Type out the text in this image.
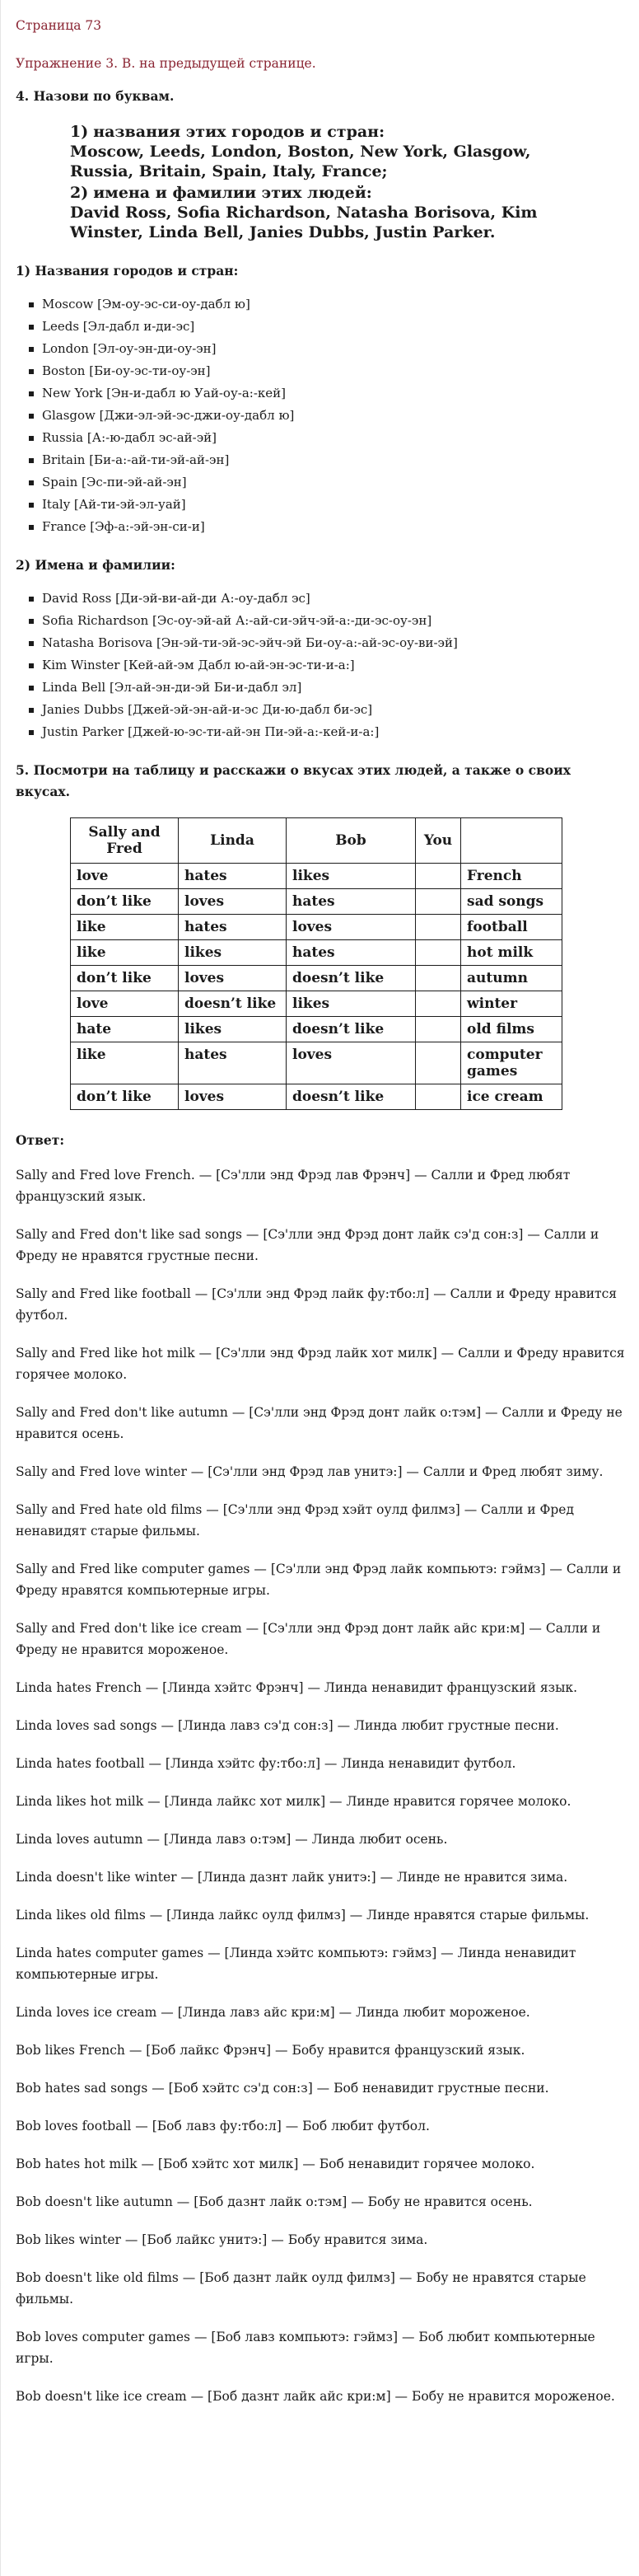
Страница 73

Упражнение 3. B. на предыдущей странице.

4. Назови по буквам.

1) названия этих городов и стран:

Moscow, Leeds, London, Boston, New York, Glasgow,

Russia, Britain, Spain, Italy, France;

2) имена и фамилии этих людей:

David Ross, Sofia Richardson, Natasha Borisova, Kim

Winster, Linda Bell, Janies Dubbs, Justin Parker.

1) Названия городов и стран:

Moscow [Эм-оу-эс-си-оу-дабл ю]
Leeds [Эл-дабл и-ди-эс]
London [Эл-оу-эн-ди-оу-эн]
Boston [Би-оу-эс-ти-оу-эн]
New York [Эн-и-дабл ю Уай-оу-а:-кей]
Glasgow [Джи-эл-эй-эс-джи-оу-дабл ю]
Russia [А:-ю-дабл эс-ай-эй]
Britain [Би-а:-ай-ти-эй-ай-эн]
Spain [Эс-пи-эй-ай-эн]
Italy [Ай-ти-эй-эл-уай]
France [Эф-а:-эй-эн-си-и]

2) Имена и фамилии:

David Ross [Ди-эй-ви-ай-ди А:-оу-дабл эс]
Sofia Richardson [Эс-оу-эй-ай А:-ай-си-эйч-эй-а:-ди-эс-оу-эн]
Natasha Borisova [Эн-эй-ти-эй-эс-эйч-эй Би-оу-а:-ай-эс-оу-ви-эй]
Kim Winster [Кей-ай-эм Дабл ю-ай-эн-эс-ти-и-а:]
Linda Bell [Эл-ай-эн-ди-эй Би-и-дабл эл]
Janies Dubbs [Джей-эй-эн-ай-и-эс Ди-ю-дабл би-эс]
Justin Parker [Джей-ю-эс-ти-ай-эн Пи-эй-а:-кей-и-а:]

5. Посмотри на таблицу и расскажи о вкусах этих людей, а также о своих вкусах.

Sally and Fred	Linda	Bob	You	
love	hates	likes		French
don’t like	loves	hates		sad songs
like	hates	loves		football
like	likes	hates		hot milk
don’t like	loves	doesn’t like		autumn
love	doesn’t like	likes		winter
hate	likes	doesn’t like		old films
like	hates	loves		computer games
don’t like	loves	doesn’t like		ice cream

Ответ:

Sally and Fred love French. — [Сэ'лли энд Фрэд лав Фрэнч] — Салли и Фред любят французский язык.

Sally and Fred don't like sad songs — [Сэ'лли энд Фрэд донт лайк сэ'д сон:з] — Салли и Фреду не нравятся грустные песни.

Sally and Fred like football — [Сэ'лли энд Фрэд лайк фу:тбо:л] — Салли и Фреду нравится футбол.

Sally and Fred like hot milk — [Сэ'лли энд Фрэд лайк хот милк] — Салли и Фреду нравится горячее молоко.

Sally and Fred don't like autumn — [Сэ'лли энд Фрэд донт лайк о:тэм] — Салли и Фреду не нравится осень.

Sally and Fred love winter — [Сэ'лли энд Фрэд лав унитэ:] — Салли и Фред любят зиму.

Sally and Fred hate old films — [Сэ'лли энд Фрэд хэйт оулд филмз] — Салли и Фред ненавидят старые фильмы.

Sally and Fred like computer games — [Сэ'лли энд Фрэд лайк компьютэ: гэймз] — Салли и Фреду нравятся компьютерные игры.

Sally and Fred don't like ice cream — [Сэ'лли энд Фрэд донт лайк айс кри:м] — Салли и Фреду не нравится мороженое.

Linda hates French — [Линда хэйтс Фрэнч] — Линда ненавидит французский язык.

Linda loves sad songs — [Линда лавз сэ'д сон:з] — Линда любит грустные песни.

Linda hates football — [Линда хэйтс фу:тбо:л] — Линда ненавидит футбол.

Linda likes hot milk — [Линда лайкс хот милк] — Линде нравится горячее молоко.

Linda loves autumn — [Линда лавз о:тэм] — Линда любит осень.

Linda doesn't like winter — [Линда дазнт лайк унитэ:] — Линде не нравится зима.

Linda likes old films — [Линда лайкс оулд филмз] — Линде нравятся старые фильмы.

Linda hates computer games — [Линда хэйтс компьютэ: гэймз] — Линда ненавидит компьютерные игры.

Linda loves ice cream — [Линда лавз айс кри:м] — Линда любит мороженое.

Bob likes French — [Боб лайкс Фрэнч] — Бобу нравится французский язык.

Bob hates sad songs — [Боб хэйтс сэ'д сон:з] — Боб ненавидит грустные песни.

Bob loves football — [Боб лавз фу:тбо:л] — Боб любит футбол.

Bob hates hot milk — [Боб хэйтс хот милк] — Боб ненавидит горячее молоко.

Bob doesn't like autumn — [Боб дазнт лайк о:тэм] — Бобу не нравится осень.

Bob likes winter — [Боб лайкс унитэ:] — Бобу нравится зима.

Bob doesn't like old films — [Боб дазнт лайк оулд филмз] — Бобу не нравятся старые фильмы.

Bob loves computer games — [Боб лавз компьютэ: гэймз] — Боб любит компьютерные игры.

Bob doesn't like ice cream — [Боб дазнт лайк айс кри:м] — Бобу не нравится мороженое.
